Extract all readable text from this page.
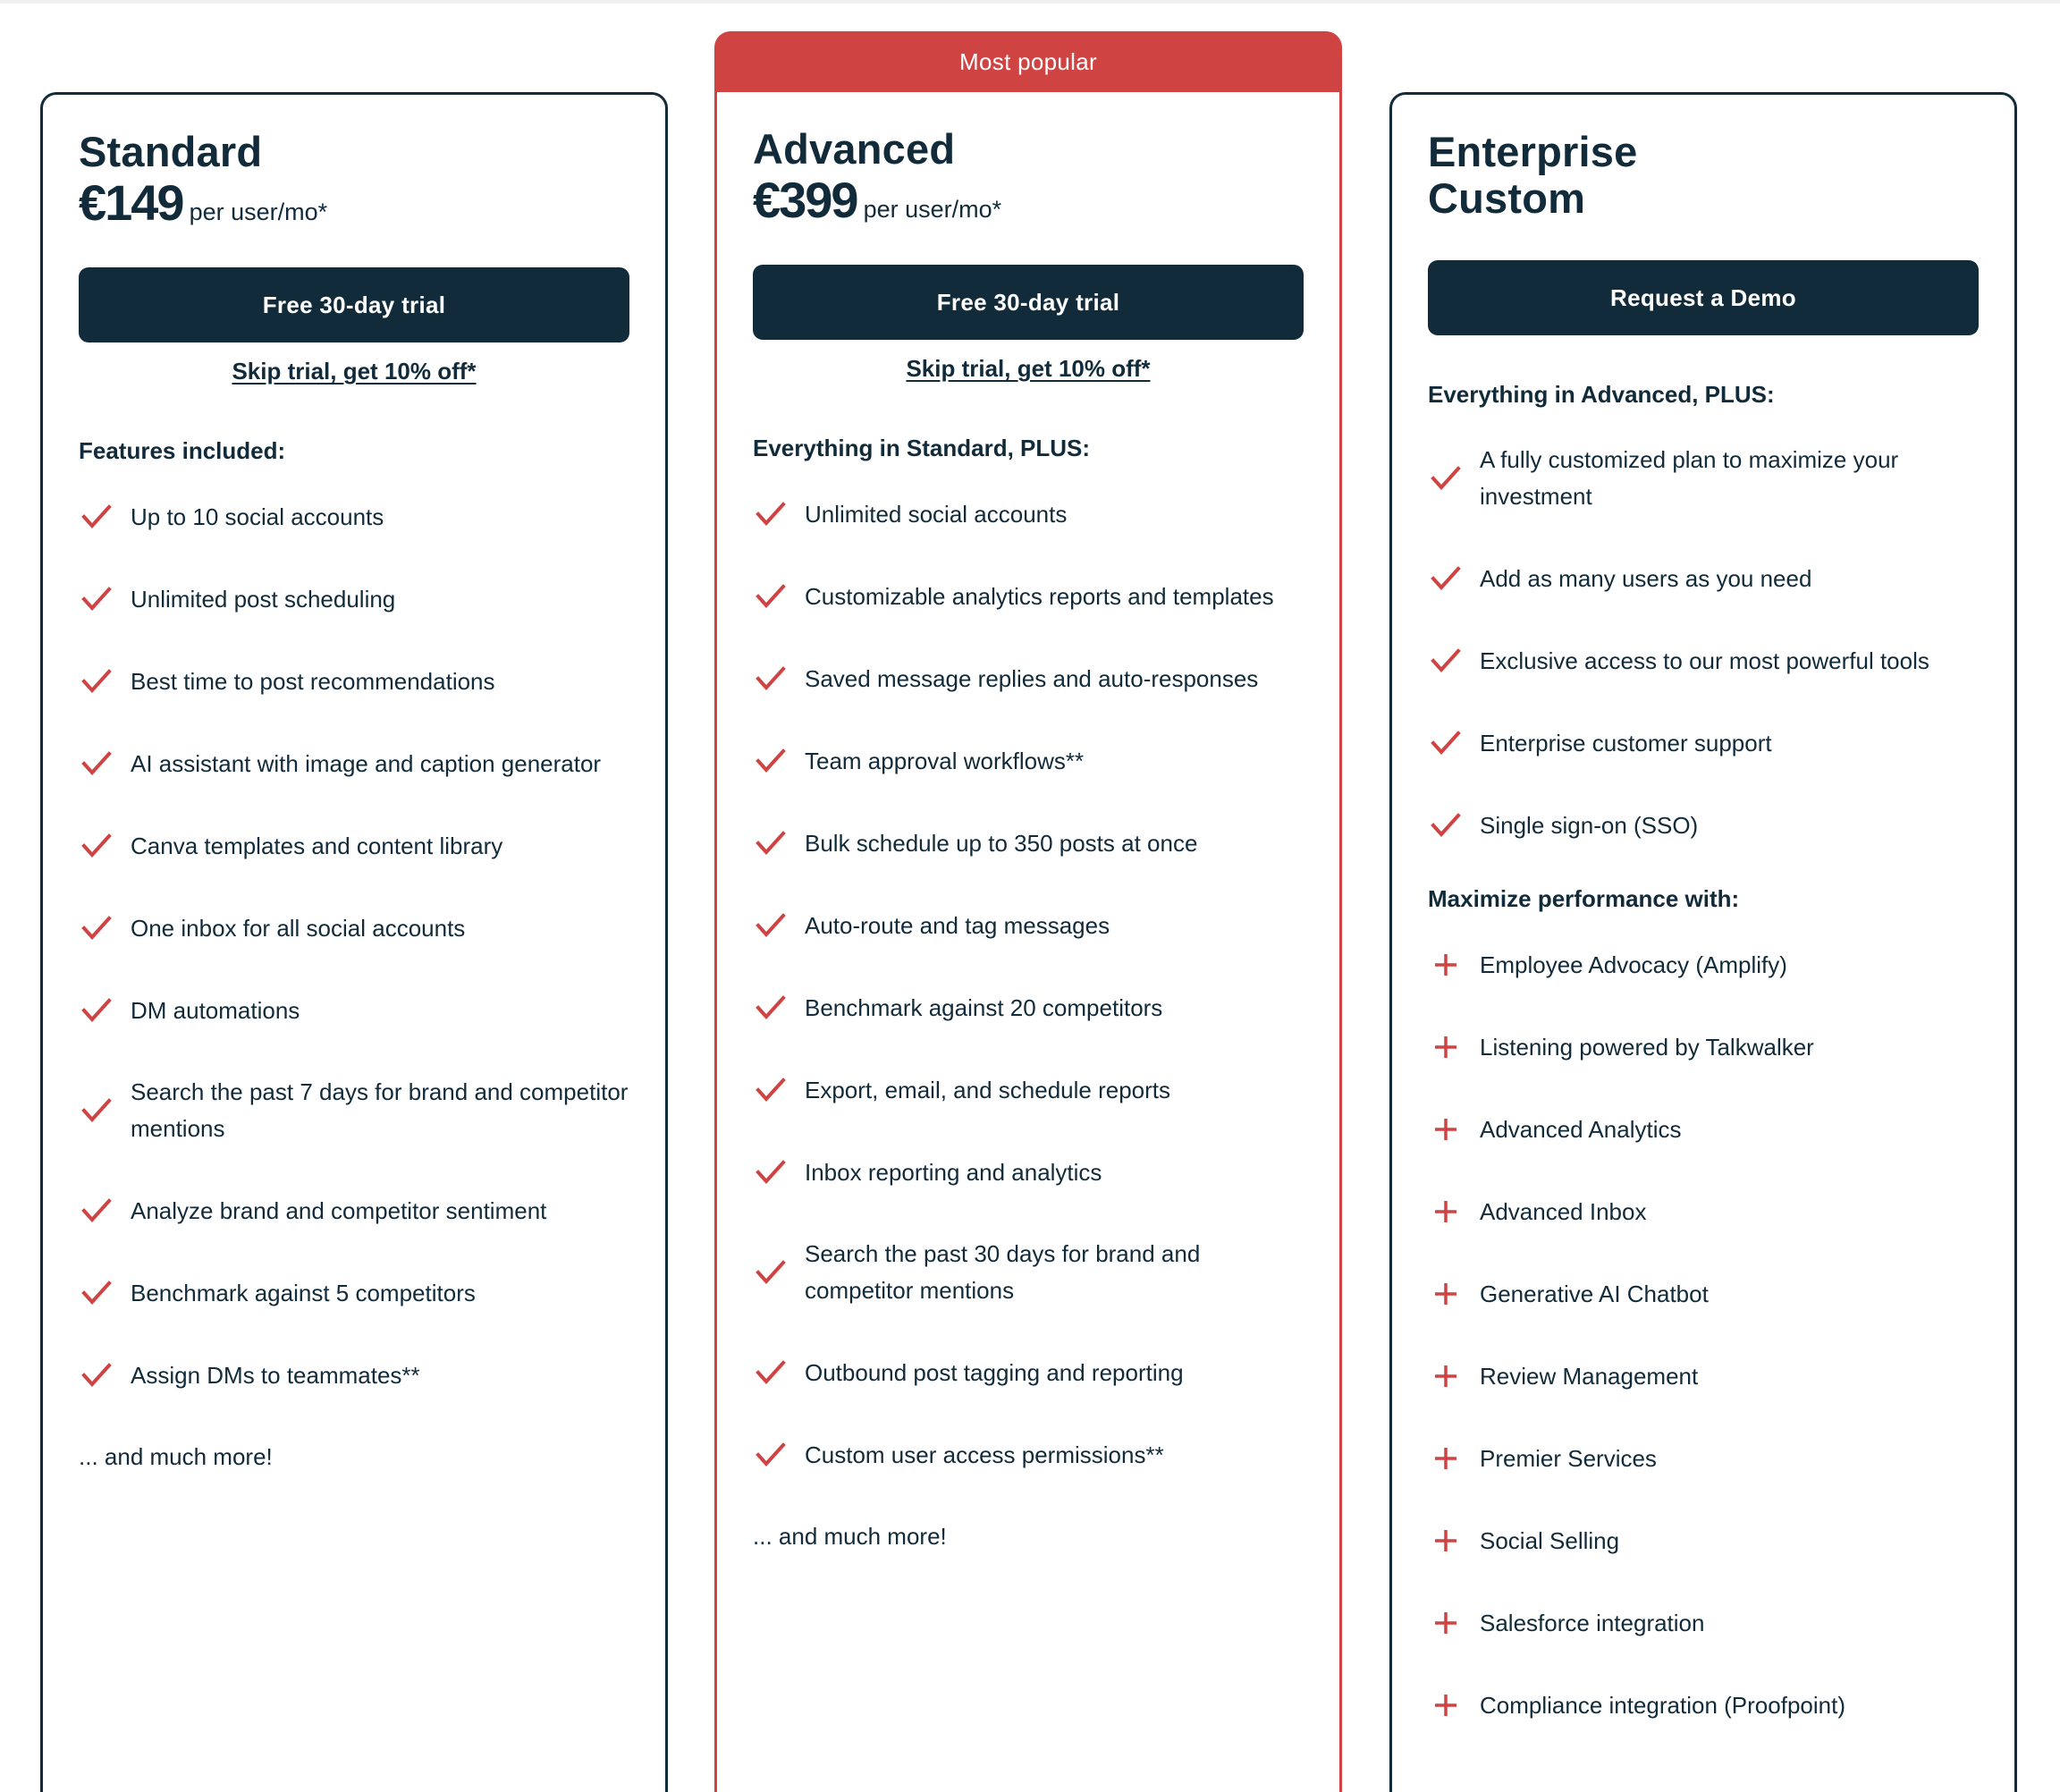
Standard
€149 per user/mo*
Free 30-day trial
Skip trial, get 10% off*
Features included:
Up to 10 social accounts
Unlimited post scheduling
Best time to post recommendations
AI assistant with image and caption generator
Canva templates and content library
One inbox for all social accounts
DM automations
Search the past 7 days for brand and competitor mentions
Analyze brand and competitor sentiment
Benchmark against 5 competitors
Assign DMs to teammates**
... and much more!
Most popular
Advanced
€399 per user/mo*
Free 30-day trial
Skip trial, get 10% off*
Everything in Standard, PLUS:
Unlimited social accounts
Customizable analytics reports and templates
Saved message replies and auto-responses
Team approval workflows**
Bulk schedule up to 350 posts at once
Auto-route and tag messages
Benchmark against 20 competitors
Export, email, and schedule reports
Inbox reporting and analytics
Search the past 30 days for brand and competitor mentions
Outbound post tagging and reporting
Custom user access permissions**
... and much more!
Enterprise
Custom
Request a Demo
Everything in Advanced, PLUS:
A fully customized plan to maximize your investment
Add as many users as you need
Exclusive access to our most powerful tools
Enterprise customer support
Single sign-on (SSO)
Maximize performance with:
Employee Advocacy (Amplify)
Listening powered by Talkwalker
Advanced Analytics
Advanced Inbox
Generative AI Chatbot
Review Management
Premier Services
Social Selling
Salesforce integration
Compliance integration (Proofpoint)
